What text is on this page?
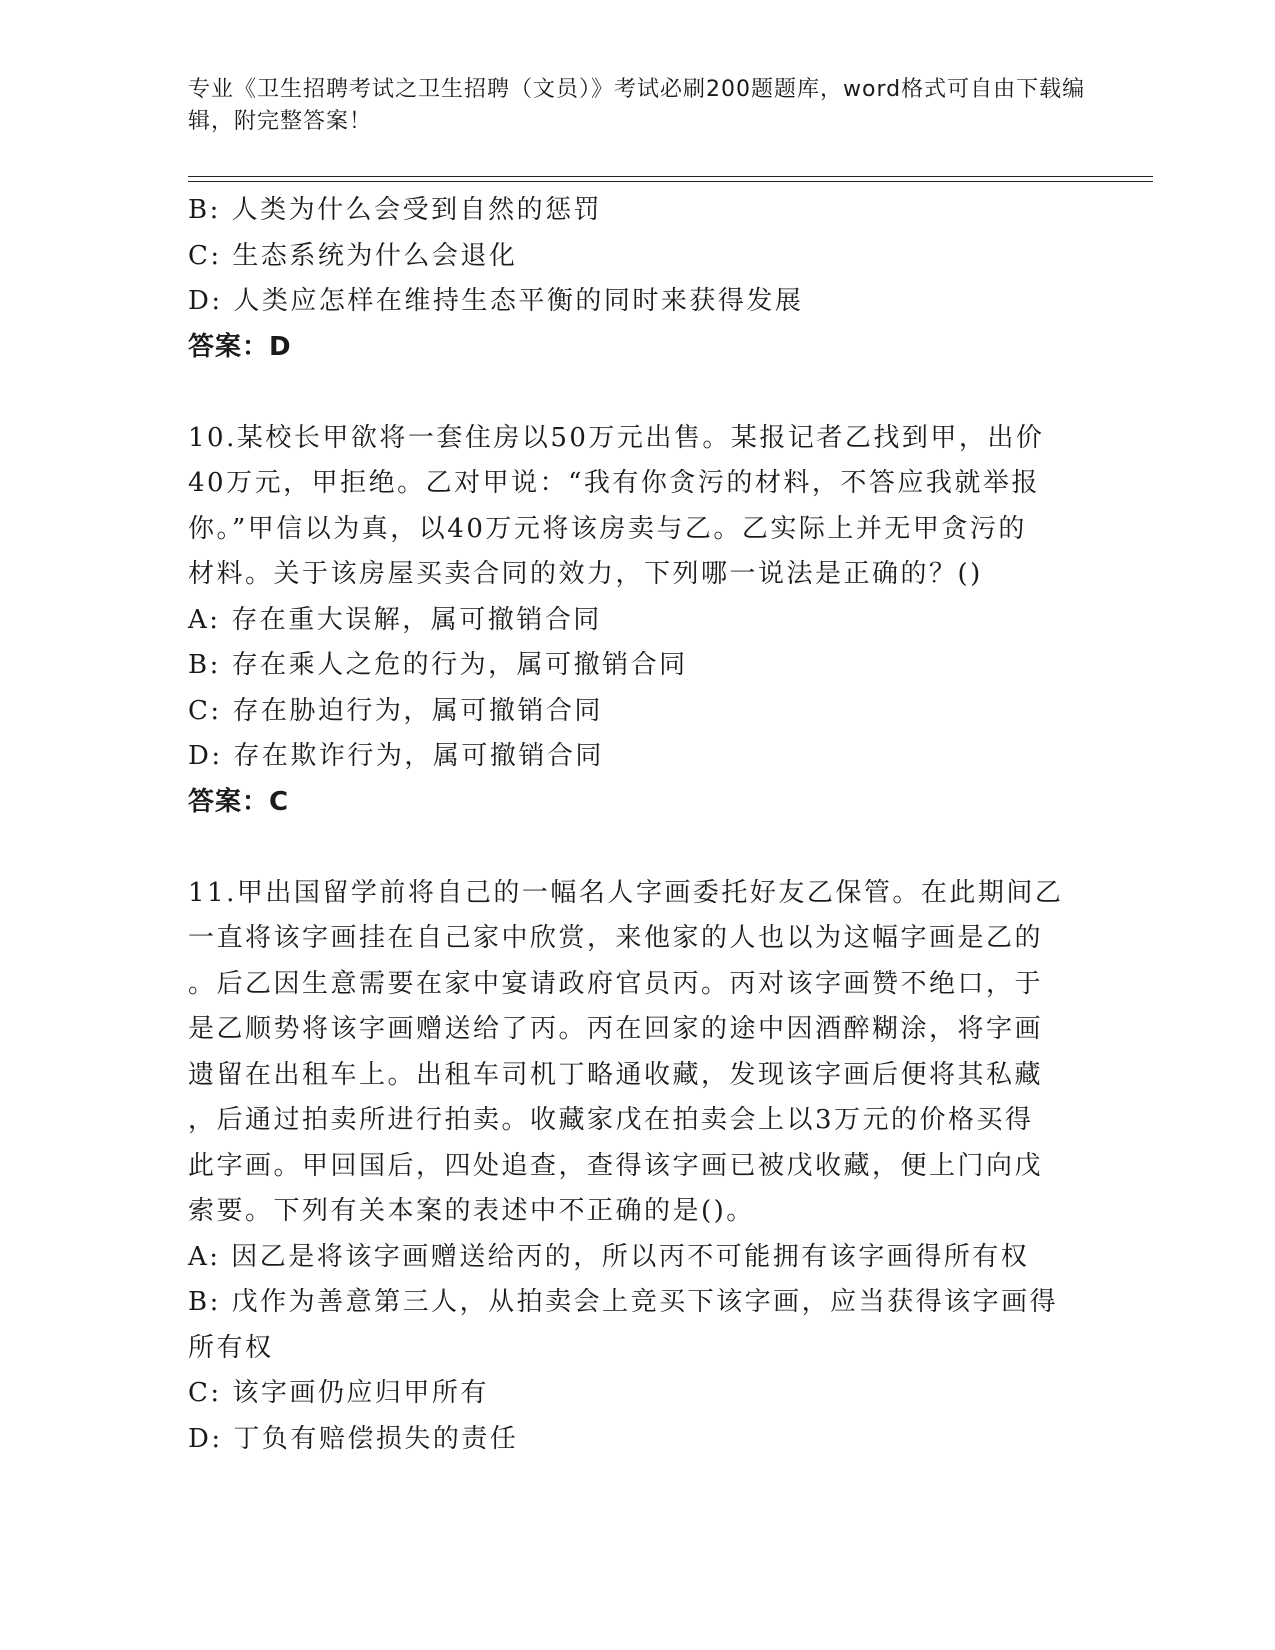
专业《卫生招聘考试之卫生招聘（文员）》考试必刷200题题库，word格式可自由下载编辑，附完整答案！
B: 人类为什么会受到自然的惩罚
C: 生态系统为什么会退化
D: 人类应怎样在维持生态平衡的同时来获得发展
答案：D
10.某校长甲欲将一套住房以50万元出售。某报记者乙找到甲，出价
40万元，甲拒绝。乙对甲说：“我有你贪污的材料，不答应我就举报
你。”甲信以为真，以40万元将该房卖与乙。乙实际上并无甲贪污的
材料。关于该房屋买卖合同的效力，下列哪一说法是正确的？()
A: 存在重大误解，属可撤销合同
B: 存在乘人之危的行为，属可撤销合同
C: 存在胁迫行为，属可撤销合同
D: 存在欺诈行为，属可撤销合同
答案：C
11.甲出国留学前将自己的一幅名人字画委托好友乙保管。在此期间乙
一直将该字画挂在自己家中欣赏，来他家的人也以为这幅字画是乙的
。后乙因生意需要在家中宴请政府官员丙。丙对该字画赞不绝口，于
是乙顺势将该字画赠送给了丙。丙在回家的途中因酒醉糊涂，将字画
遗留在出租车上。出租车司机丁略通收藏，发现该字画后便将其私藏
，后通过拍卖所进行拍卖。收藏家戊在拍卖会上以3万元的价格买得
此字画。甲回国后，四处追查，查得该字画已被戊收藏，便上门向戊
索要。下列有关本案的表述中不正确的是()。
A: 因乙是将该字画赠送给丙的，所以丙不可能拥有该字画得所有权
B: 戊作为善意第三人，从拍卖会上竞买下该字画，应当获得该字画得
所有权
C: 该字画仍应归甲所有
D: 丁负有赔偿损失的责任
